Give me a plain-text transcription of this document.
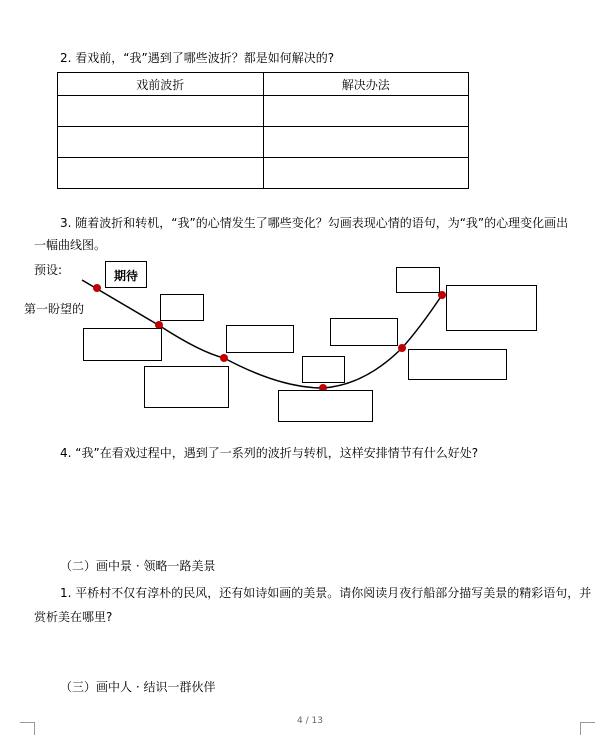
2. 看戏前，“我”遇到了哪些波折？都是如何解决的?
戏前波折	解决办法

3. 随着波折和转机，“我”的心情发生了哪些变化？勾画表现心情的语句，为“我”的心理变化画出
一幅曲线图。
预设:
第一盼望的
期待
4. “我”在看戏过程中，遇到了一系列的波折与转机，这样安排情节有什么好处?
（二）画中景 · 领略一路美景
1. 平桥村不仅有淳朴的民风，还有如诗如画的美景。请你阅读月夜行船部分描写美景的精彩语句，并
赏析美在哪里?
（三）画中人 · 结识一群伙伴
4 / 13
